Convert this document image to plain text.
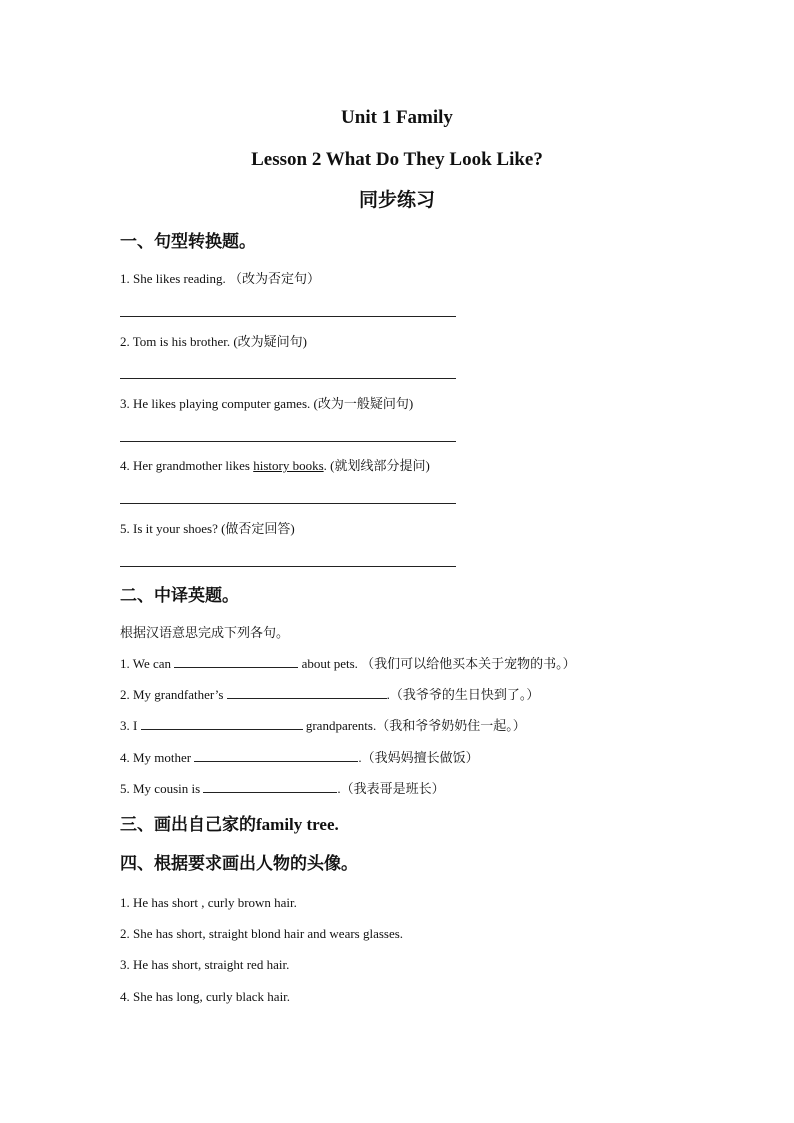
Unit 1 Family
Lesson 2 What Do They Look Like?
同步练习
一、句型转换题。
1. She likes reading. （改为否定句）
2. Tom is his brother. (改为疑问句)
3. He likes playing computer games. (改为一般疑问句)
4. Her grandmother likes history books. (就划线部分提问)
5. Is it your shoes? (做否定回答)
二、中译英题。
根据汉语意思完成下列各句。
1. We can	about pets. （我们可以给他买本关于宠物的书。）
2. My grandfather’s	.（我爷爷的生日快到了。）
3. I	grandparents.（我和爷爷奶奶住一起。）
4. My mother	.（我妈妈擅长做饭）
5. My cousin is	.（我表哥是班长）
三、画出自己家的family tree.
四、根据要求画出人物的头像。
1. He has short , curly brown hair.
2. She has short, straight blond hair and wears glasses.
3. He has short, straight red hair.
4. She has long, curly black hair.
